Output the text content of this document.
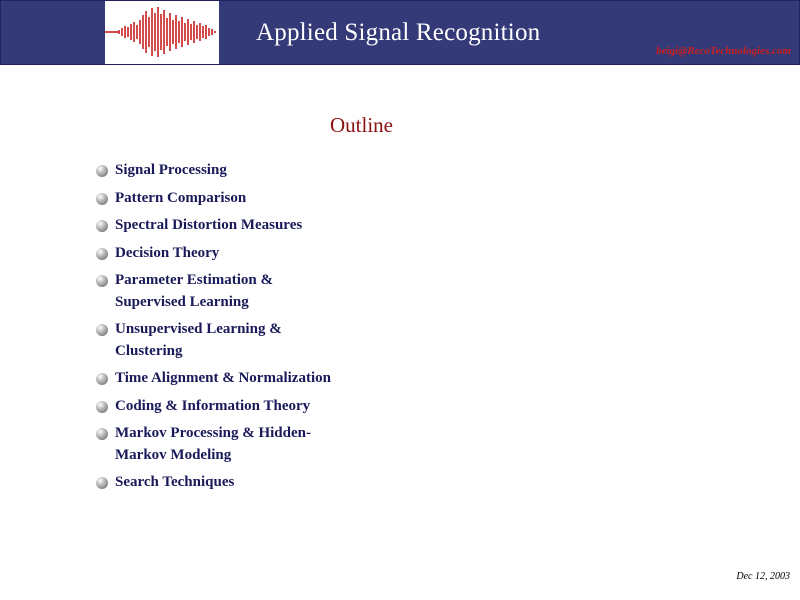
Applied Signal Recognition
beigi@RecoTechnologies.com
Outline
Signal Processing
Pattern Comparison
Spectral Distortion Measures
Decision Theory
Parameter Estimation & Supervised Learning
Unsupervised Learning & Clustering
Time Alignment & Normalization
Coding & Information Theory
Markov Processing & Hidden-Markov Modeling
Search Techniques
Dec 12, 2003
